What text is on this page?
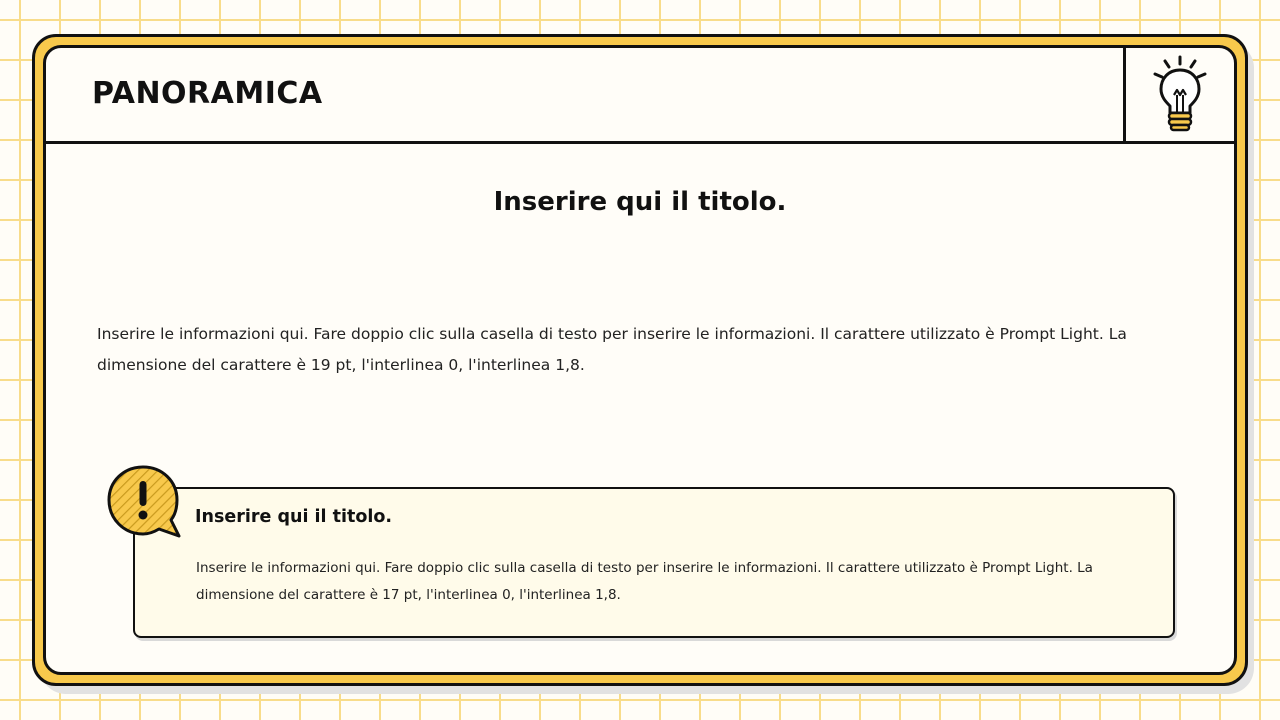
PANORAMICA
Inserire qui il titolo.

Inserire le informazioni qui. Fare doppio clic sulla casella di testo per inserire le informazioni. Il carattere utilizzato è Prompt Light. La dimensione del carattere è 19 pt, l'interlinea 0, l'interlinea 1,8.

Inserire qui il titolo.

Inserire le informazioni qui. Fare doppio clic sulla casella di testo per inserire le informazioni. Il carattere utilizzato è Prompt Light. La dimensione del carattere è 17 pt, l'interlinea 0, l'interlinea 1,8.
